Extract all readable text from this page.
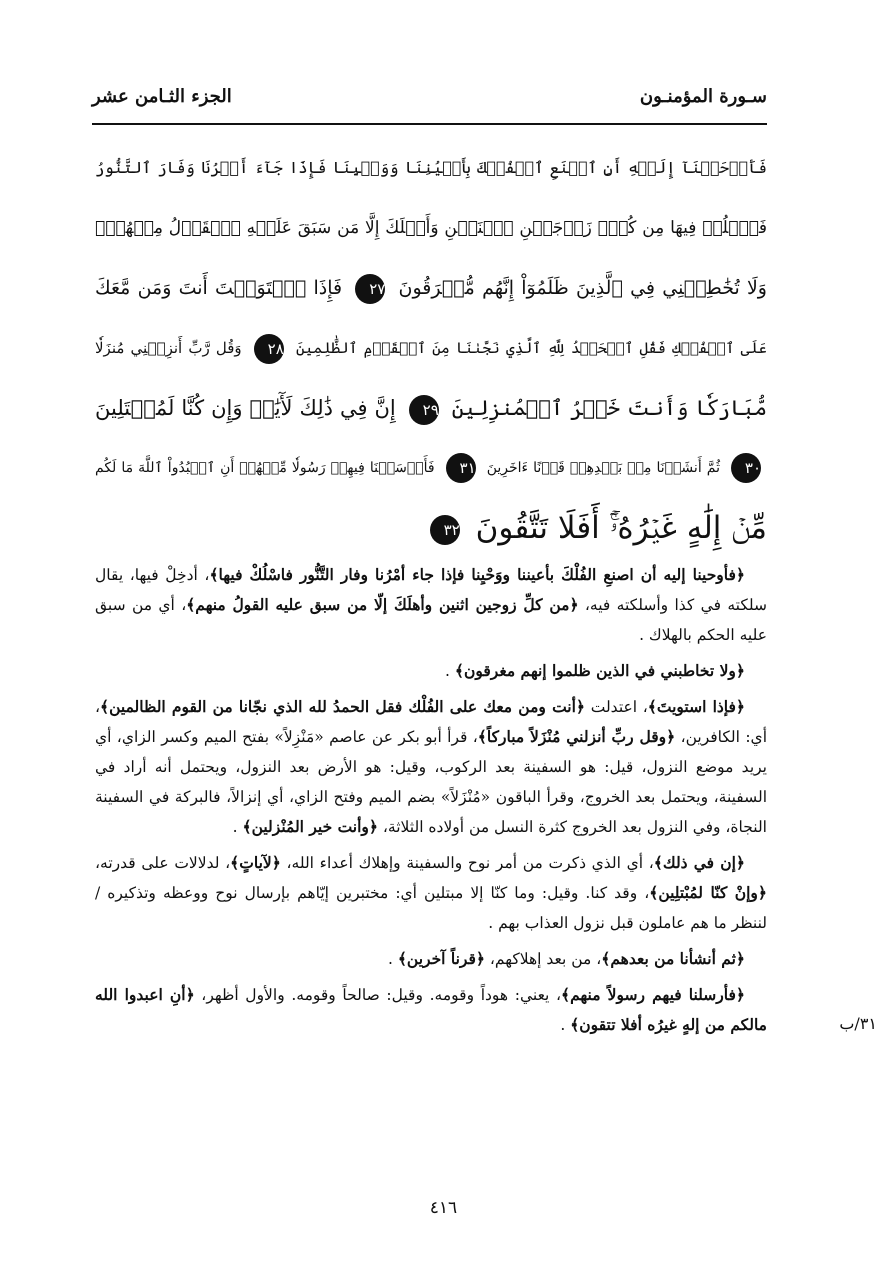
سـورة المؤمنـون
الجزء الثـامن عشر
فَأَوۡحَيۡنَآ إِلَيۡهِ أَنِ ٱصۡنَعِ ٱلۡفُلۡكَ بِأَعۡيُنِنَا وَوَحۡيِنَا فَإِذَا جَآءَ أَمۡرُنَا وَفَارَ ٱلتَّنُّورُ
فَٱسۡلُكۡ فِيهَا مِن كُلّٖ زَوۡجَيۡنِ ٱثۡنَيۡنِ وَأَهۡلَكَ إِلَّا مَن سَبَقَ عَلَيۡهِ ٱلۡقَوۡلُ مِنۡهُمۡۖ
وَلَا تُخَٰطِبۡنِي فِي ٱلَّذِينَ ظَلَمُوٓاْ إِنَّهُم مُّغۡرَقُونَ ٢٧ فَإِذَا ٱسۡتَوَيۡتَ أَنتَ وَمَن مَّعَكَ
عَلَى ٱلۡفُلۡكِ فَقُلِ ٱلۡحَمۡدُ لِلَّهِ ٱلَّذِي نَجَّىٰنَا مِنَ ٱلۡقَوۡمِ ٱلظَّٰلِمِينَ ٢٨ وَقُل رَّبِّ أَنزِلۡنِي مُنزَلٗا
مُّبَارَكٗا وَأَنتَ خَيۡرُ ٱلۡمُنزِلِينَ ٢٩ إِنَّ فِي ذَٰلِكَ لَأٓيَٰتٖ وَإِن كُنَّا لَمُبۡتَلِينَ
٣٠ ثُمَّ أَنشَأۡنَا مِنۢ بَعۡدِهِمۡ قَرۡنًا ءَاخَرِينَ ٣١ فَأَرۡسَلۡنَا فِيهِمۡ رَسُولٗا مِّنۡهُمۡ أَنِ ٱعۡبُدُواْ ٱللَّهَ مَا لَكُم
مِّنۡ إِلَٰهٍ غَيۡرُهُۥٓۚ أَفَلَا تَتَّقُونَ ٣٢

﴿فأوحينا إليه أن اصنعِ الفُلْكَ بأعيننا ووَحْيِنا فإذا جاء أمْرُنا وفار التَّنُّور فاسْلُكْ فيها﴾، أدخِلْ فيها، يقال سلكته في كذا وأسلكته فيه، ﴿من كلِّ زوجين اثنين وأهلَكَ إلّا من سبق عليه القولُ منهم﴾، أي من سبق عليه الحكم بالهلاك .

﴿ولا تخاطبني في الذين ظلموا إنهم مغرقون﴾ .

﴿فإذا استويتَ﴾، اعتدلت ﴿أنت ومن معك على الفُلْك فقل الحمدُ لله الذي نجّانا من القوم الظالمين﴾، أي: الكافرين، ﴿وقل ربِّ أنزلني مُنْزَلاً مباركاً﴾، قرأ أبو بكر عن عاصم «مَنْزِلاً» بفتح الميم وكسر الزاي، أي يريد موضع النزول، قيل: هو السفينة بعد الركوب، وقيل: هو الأرض بعد النزول، ويحتمل أنه أراد في السفينة، ويحتمل بعد الخروج، وقرأ الباقون «مُنْزَلاً» بضم الميم وفتح الزاي، أي إنزالاً، فالبركة في السفينة النجاة، وفي النزول بعد الخروج كثرة النسل من أولاده الثلاثة، ﴿وأنت خير المُنْزلين﴾ .

﴿إن في ذلك﴾، أي الذي ذكرت من أمر نوح والسفينة وإهلاك أعداء الله، ﴿لآياتٍ﴾، لدلالات على قدرته، ﴿وإنْ كنّا لمُبْتلِين﴾، وقد كنا. وقيل: وما كنّا إلا مبتلين أي: مختبرين إيّاهم بإرسال نوح ووعظه وتذكيره / لننظر ما هم عاملون قبل نزول العذاب بهم .

﴿ثم أنشأنا من بعدهم﴾، من بعد إهلاكهم، ﴿قرناً آخرين﴾ .

﴿فأرسلنا فيهم رسولاً منهم﴾، يعني: هوداً وقومه. وقيل: صالحاً وقومه. والأول أظهر، ﴿أنِ اعبدوا الله مالكم من إلهٍ غيرُه أفلا تتقون﴾ .	٣١/ب
٤١٦
